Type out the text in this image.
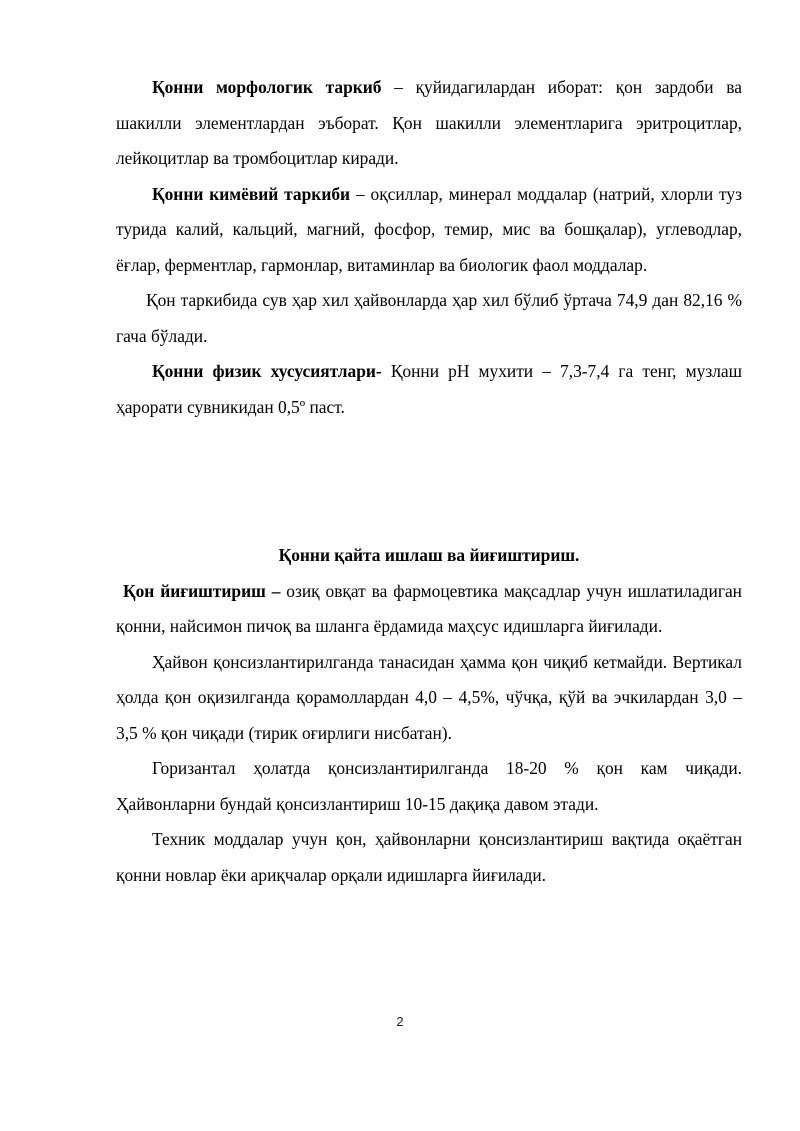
Қонни морфологик таркиб – қуйидагилардан иборат: қон зардоби ва шакилли элементлардан эъборат. Қон шакилли элементларига эритроцитлар, лейкоцитлар ва тромбоцитлар киради.

Қонни кимёвий таркиби – оқсиллар, минерал моддалар (натрий, хлорли туз турида калий, кальций, магний, фосфор, темир, мис ва бошқалар), углеводлар, ёғлар, ферментлар, гармонлар, витаминлар ва биологик фаол моддалар.

Қон таркибида сув ҳар хил ҳайвонларда ҳар хил бўлиб ўртача 74,9 дан 82,16 % гача бўлади.

Қонни физик хусусиятлари- Қонни рН мухити – 7,3-7,4 га тенг, музлаш ҳарорати сувникидан 0,5º паст.

Қонни қайта ишлаш ва йиғиштириш.

Қон йиғиштириш – озиқ овқат ва фармоцевтика мақсадлар учун ишлатиладиган қонни, найсимон пичоқ ва шланга ёрдамида маҳсус идишларга йиғилади.

Ҳайвон қонсизлантирилганда танасидан ҳамма қон чиқиб кетмайди. Вертикал ҳолда қон оқизилганда қорамоллардан 4,0 – 4,5%, чўчқа, қўй ва эчкилардан 3,0 – 3,5 % қон чиқади (тирик оғирлиги нисбатан).

Горизантал ҳолатда қонсизлантирилганда 18-20 % қон кам чиқади. Ҳайвонларни бундай қонсизлантириш 10-15 дақиқа давом этади.

Техник моддалар учун қон, ҳайвонларни қонсизлантириш вақтида оқаётган қонни новлар ёки ариқчалар орқали идишларга йиғилади.

2
